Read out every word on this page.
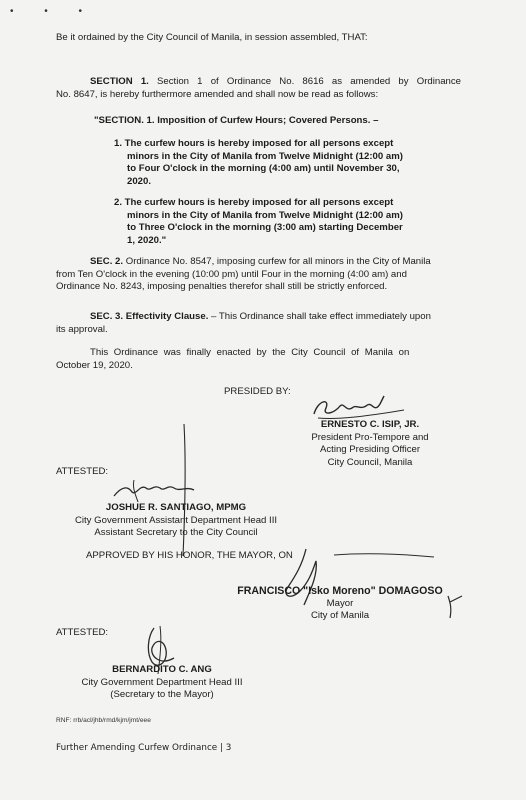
• • •
Be it ordained by the City Council of Manila, in session assembled, THAT:
SECTION 1. Section 1 of Ordinance No. 8616 as amended by Ordinance
No. 8647, is hereby furthermore amended and shall now be read as follows:
"SECTION. 1. Imposition of Curfew Hours; Covered Persons. –
1. The curfew hours is hereby imposed for all persons except
minors in the City of Manila from Twelve Midnight (12:00 am)
to Four O'clock in the morning (4:00 am) until November 30,
2020.
2. The curfew hours is hereby imposed for all persons except
minors in the City of Manila from Twelve Midnight (12:00 am)
to Three O'clock in the morning (3:00 am) starting December
1, 2020."
SEC. 2. Ordinance No. 8547, imposing curfew for all minors in the City of Manila
from Ten O'clock in the evening (10:00 pm) until Four in the morning (4:00 am) and
Ordinance No. 8243, imposing penalties therefor shall still be strictly enforced.
SEC. 3. Effectivity Clause. – This Ordinance shall take effect immediately upon
its approval.
This Ordinance was finally enacted by the City Council of Manila on
October 19, 2020.
PRESIDED BY:
ERNESTO C. ISIP, JR.
President Pro-Tempore and
Acting Presiding Officer
City Council, Manila
ATTESTED:
JOSHUE R. SANTIAGO, MPMG
City Government Assistant Department Head III
Assistant Secretary to the City Council
APPROVED BY HIS HONOR, THE MAYOR, ON
FRANCISCO "Isko Moreno" DOMAGOSO
Mayor
City of Manila
ATTESTED:
BERNARDITO C. ANG
City Government Department Head III
(Secretary to the Mayor)
RNF: rrb/acl/jhb/rmd/kjm/jmt/eee
Further Amending Curfew Ordinance | 3
